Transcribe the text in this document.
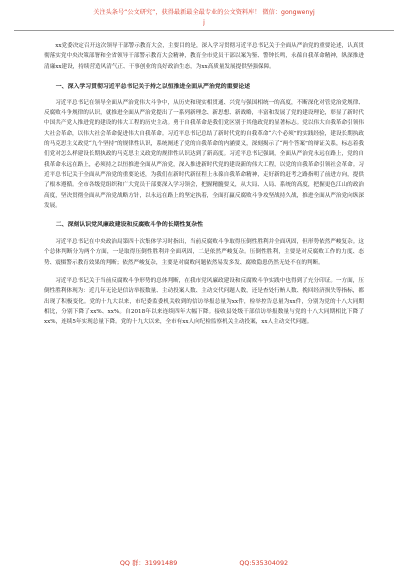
关注头条号“公文研究”，获得最新最全最专业的公文资料库！ 微信：gongwenyj
j

xx党委决定召开这次领导干部警示教育大会，主要目的是，深入学习贯彻习近平总书记关于全面从严治党的重要论述，认真贯彻落实党中央决策部署和全省领导干部警示教育大会精神，教育全市党员干部以案为鉴、警钟长鸣，永葆自我革命精神，纵深推进清廉xx建设，持续营造风清气正、干事创业的良好政治生态，为xx高质量发展提供坚强保障。

一、深入学习贯彻习近平总书记关于持之以恒推进全面从严治党的重要论述

习近平总书记在领导全面从严治党伟大斗争中，从历史和现实相贯通、兴党与强国相统一的高度，不断深化对管党治党规律、反腐败斗争规律的认识，就推进全面从严治党提出了一系列新理念、新思想、新战略，丰富和发展了党的建设理论，彰显了新时代中国共产党人推进党的建设的伟大工程的历史主动。勇于自我革命是我们党区别于其他政党的显著标志。党以伟大自我革命引领伟大社会革命，以伟大社会革命促进伟大自我革命。习近平总书记总结了新时代党的自我革命“六个必须”的实践经验，建设长期执政的马克思主义政党“九个坚持”的规律性认识，系统阐述了党的自我革命的内涵要义，深刻揭示了“两个答案”的辩证关系，标志着我们党对怎么样建设长期执政的马克思主义政党的规律性认识达到了新高度。习近平总书记强调，全面从严治党永远在路上，党的自我革命永远在路上，必须持之以恒推进全面从严治党，深入推进新时代党的建设新的伟大工程，以党的自我革命引领社会革命。习近平总书记关于全面从严治党的重要论述，为我们在新时代新征程上永葆自我革命精神，走好新的赶考之路指明了前进方向，提供了根本遵循。全市各级党组织和广大党员干部要深入学习领会，把握精髓要义，从大局、人局、系统的高度，把握更色江山的政治高度，坚决贯彻全面从严治党战略方针，以永远在路上的坚定执着，全面打赢反腐败斗争攻坚战持久战，推进全面从严治党向纵深发展。

二、深刻认识党风廉政建设和反腐败斗争的长期性复杂性

习近平总书记在中央政治局第四十次集体学习时指出，当前反腐败斗争取得压倒性胜利并全面巩固，但形势依然严峻复杂。这个总体判断分为两个方面，一是取得压倒性胜利并全面巩固，二是依然严峻复杂。压倒性胜利，主要是对反腐败工作的力度、态势、震慑警示教育效果的判断；依然严峻复杂，主要是对腐败问题依然易发多发、腐败隐患仍然无处不在的判断。

习近平总书记关于当前反腐败斗争形势的总体判断，在我市党风廉政建设和反腐败斗争实践中也得到了充分印证。一方面，压倒性胜利体现为：近几年无论是信访举报数量、主动投案人数、主动交代问题人数，还是查处行贿人数、挽回经济损失等指标，都出现了积极变化。党的十九大以来，市纪委监委机关收到的信访举报总量为xx件，检举控告总量为xx件，分别为党的十八大同期相比，分别下降了xx%、xx%。自2018年以来连续四年大幅下降。接收县处级干部信访举报数量与党的十八大同期相比下降了xx%，连续5年实现总量下降。党的十九大以来，全市有xx人向纪检监察机关主动投案，xx人主动交代问题。

QQ 群：31991489	QQ:535304092
